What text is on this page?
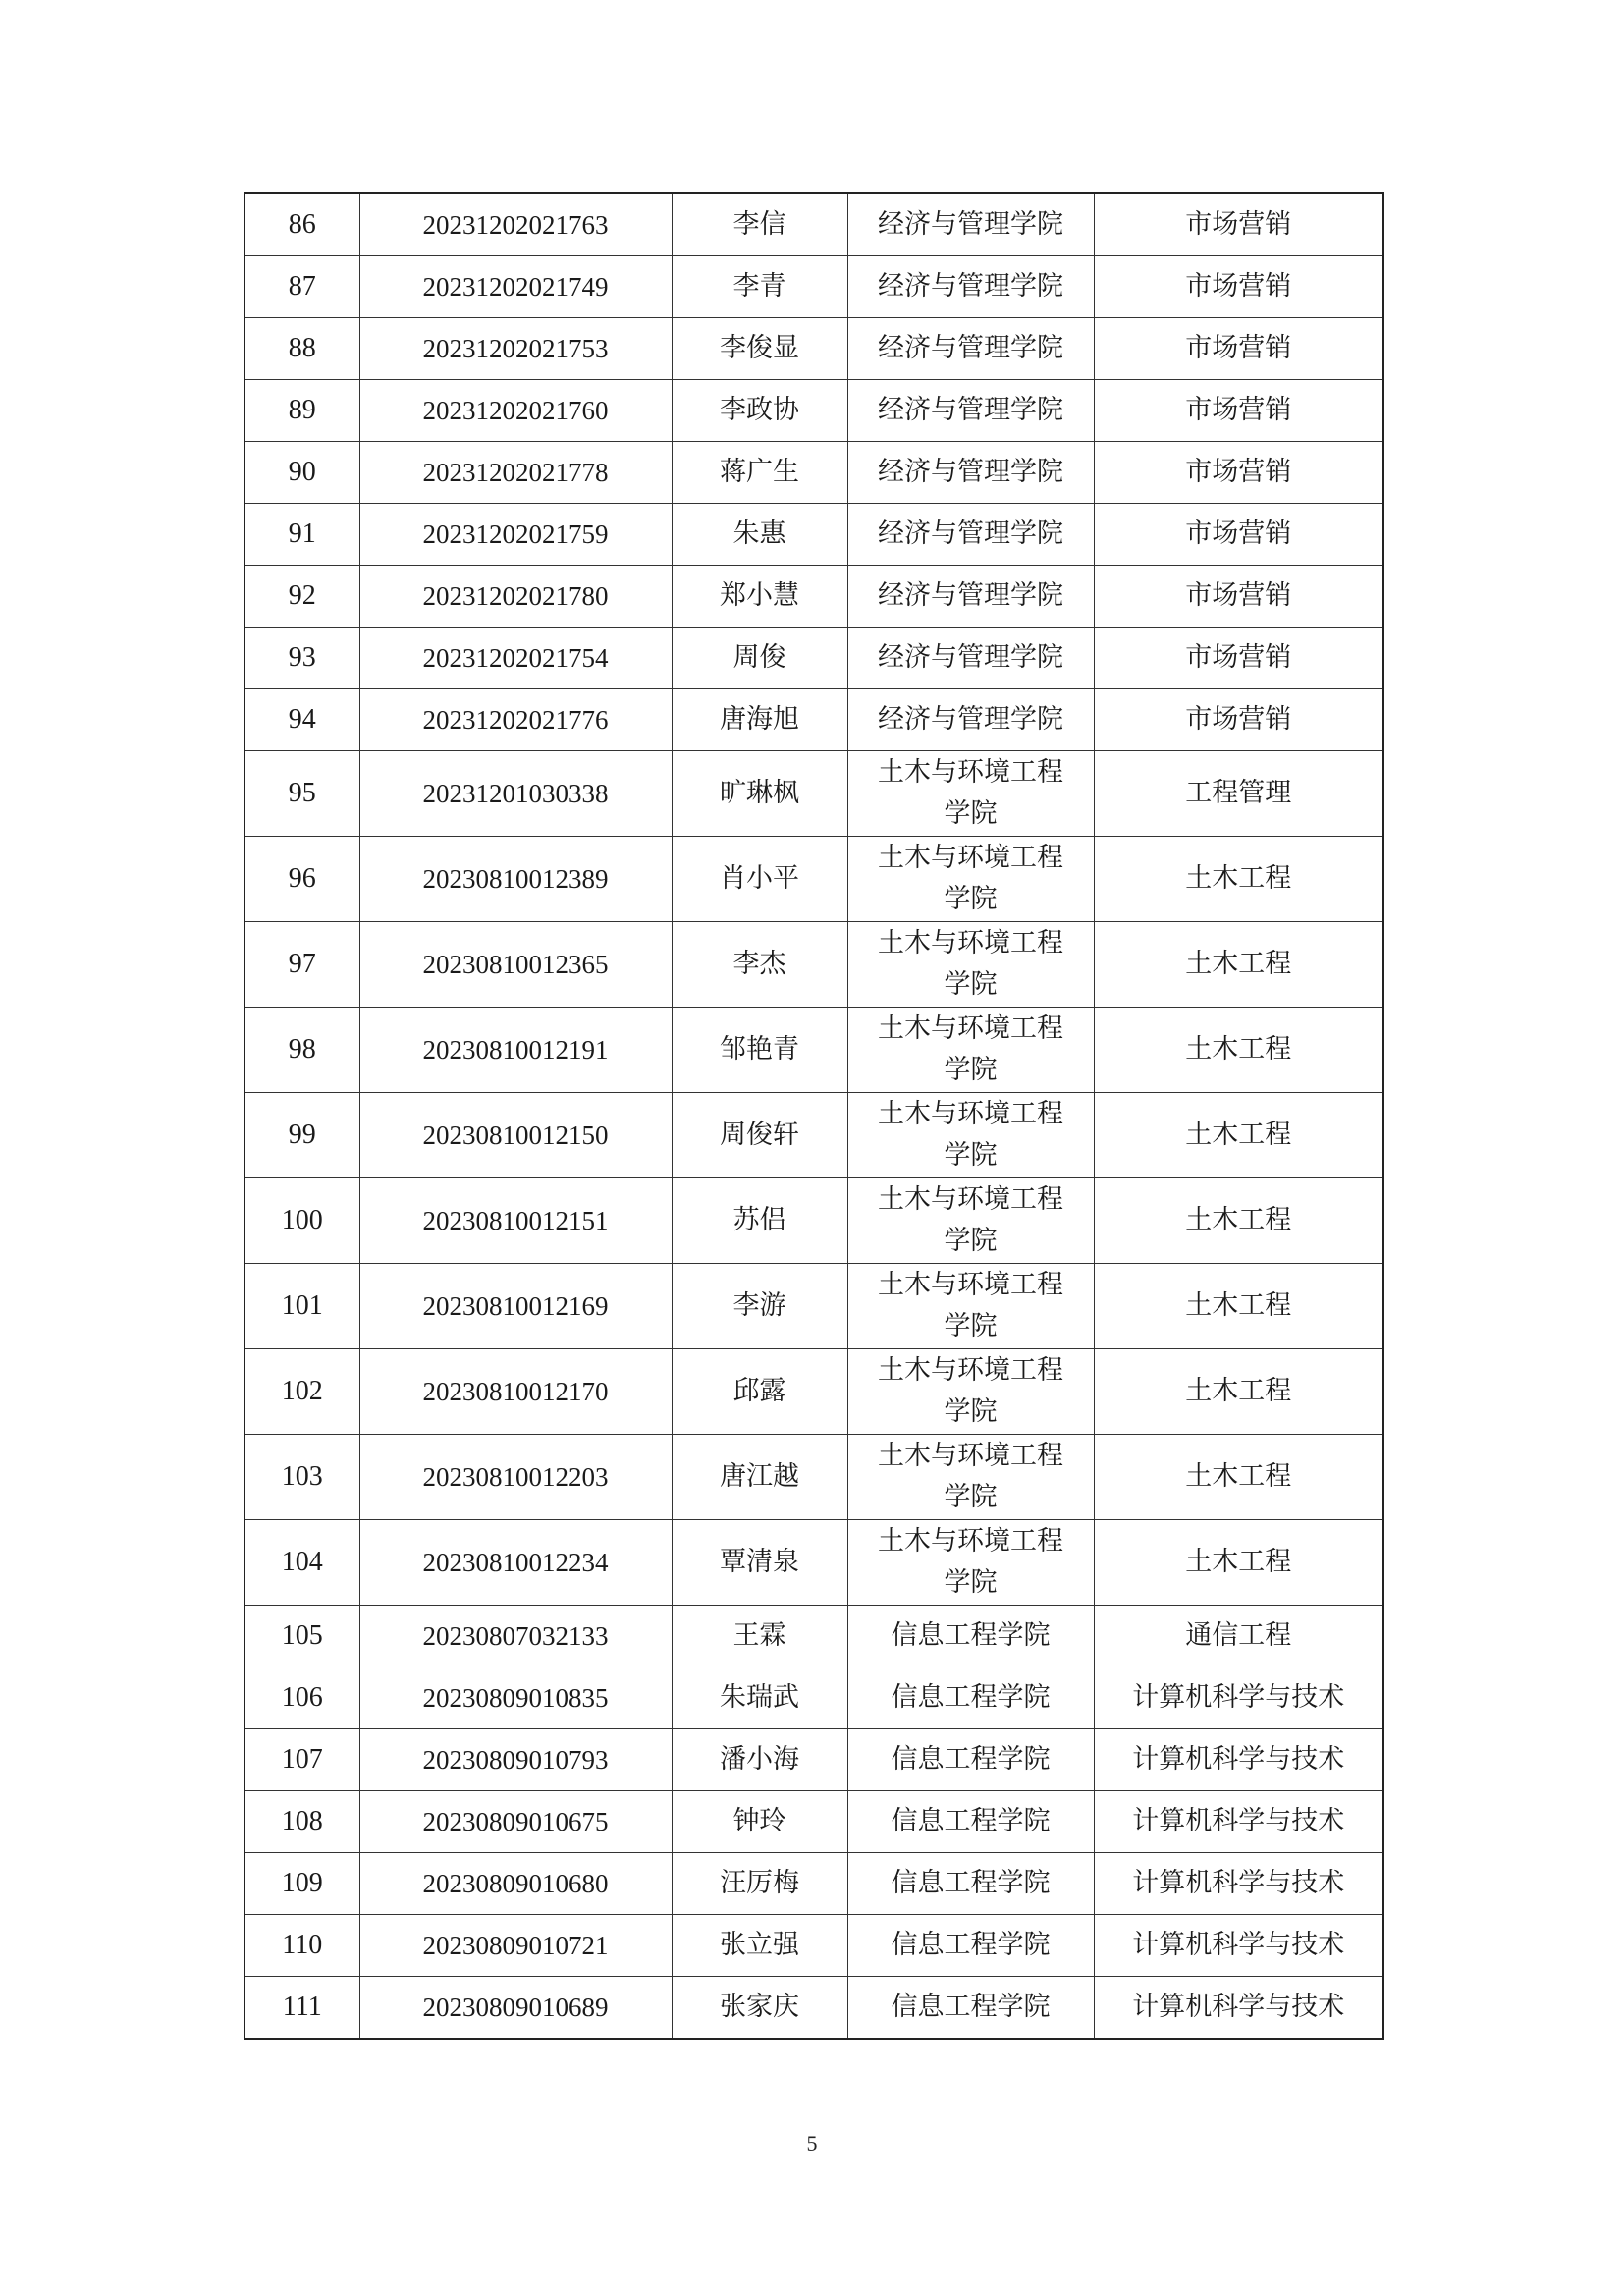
86	20231202021763	李信	经济与管理学院	市场营销
87	20231202021749	李青	经济与管理学院	市场营销
88	20231202021753	李俊显	经济与管理学院	市场营销
89	20231202021760	李政协	经济与管理学院	市场营销
90	20231202021778	蒋广生	经济与管理学院	市场营销
91	20231202021759	朱惠	经济与管理学院	市场营销
92	20231202021780	郑小慧	经济与管理学院	市场营销
93	20231202021754	周俊	经济与管理学院	市场营销
94	20231202021776	唐海旭	经济与管理学院	市场营销
95	20231201030338	旷琳枫	土木与环境工程学院	工程管理
96	20230810012389	肖小平	土木与环境工程学院	土木工程
97	20230810012365	李杰	土木与环境工程学院	土木工程
98	20230810012191	邹艳青	土木与环境工程学院	土木工程
99	20230810012150	周俊轩	土木与环境工程学院	土木工程
100	20230810012151	苏侣	土木与环境工程学院	土木工程
101	20230810012169	李游	土木与环境工程学院	土木工程
102	20230810012170	邱露	土木与环境工程学院	土木工程
103	20230810012203	唐江越	土木与环境工程学院	土木工程
104	20230810012234	覃清泉	土木与环境工程学院	土木工程
105	20230807032133	王霖	信息工程学院	通信工程
106	20230809010835	朱瑞武	信息工程学院	计算机科学与技术
107	20230809010793	潘小海	信息工程学院	计算机科学与技术
108	20230809010675	钟玲	信息工程学院	计算机科学与技术
109	20230809010680	汪厉梅	信息工程学院	计算机科学与技术
110	20230809010721	张立强	信息工程学院	计算机科学与技术
111	20230809010689	张家庆	信息工程学院	计算机科学与技术
5
